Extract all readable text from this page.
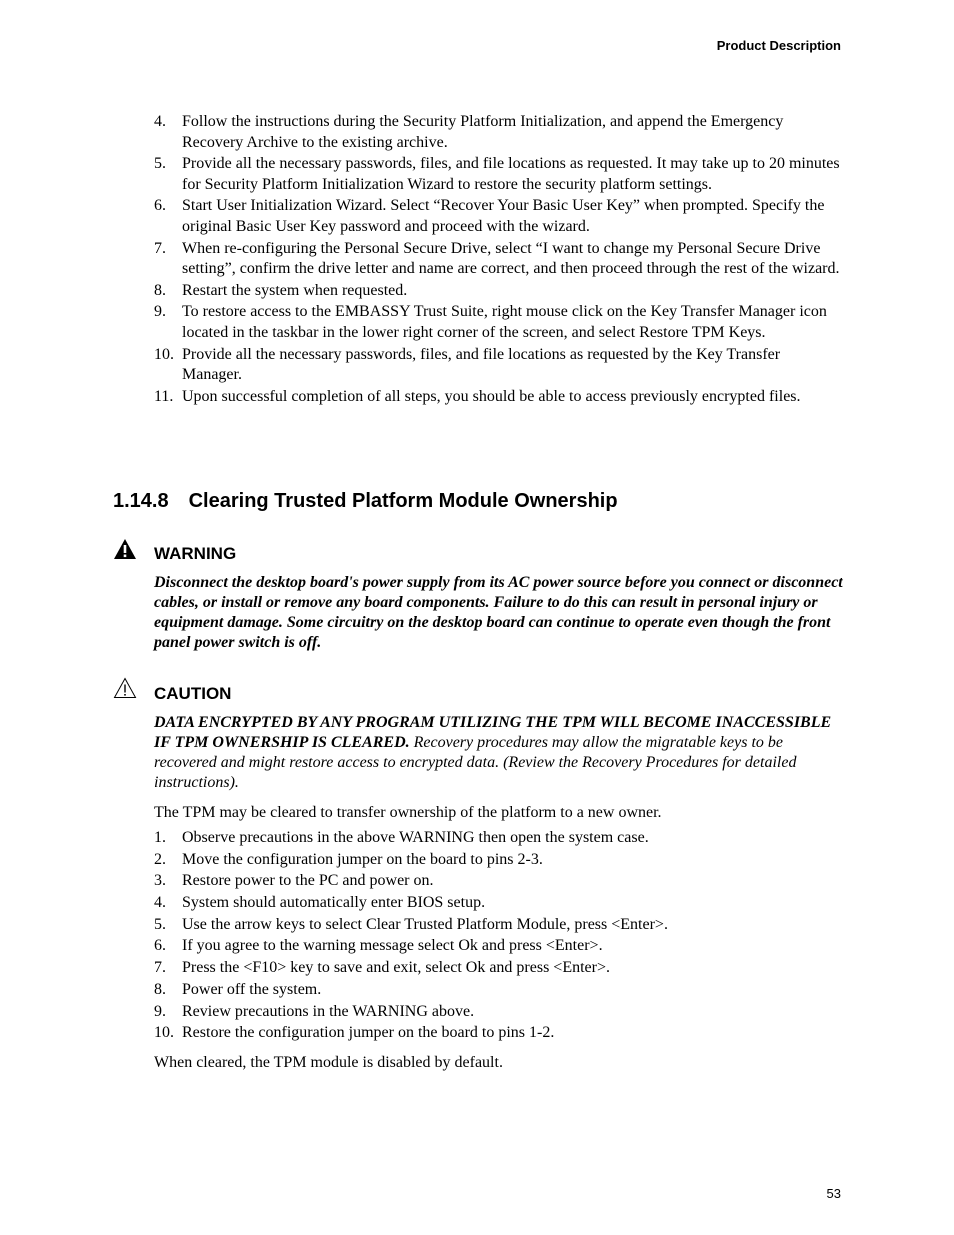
Product Description
4. Follow the instructions during the Security Platform Initialization, and append the Emergency Recovery Archive to the existing archive.
5. Provide all the necessary passwords, files, and file locations as requested. It may take up to 20 minutes for Security Platform Initialization Wizard to restore the security platform settings.
6. Start User Initialization Wizard. Select “Recover Your Basic User Key” when prompted. Specify the original Basic User Key password and proceed with the wizard.
7. When re-configuring the Personal Secure Drive, select “I want to change my Personal Secure Drive setting”, confirm the drive letter and name are correct, and then proceed through the rest of the wizard.
8. Restart the system when requested.
9. To restore access to the EMBASSY Trust Suite, right mouse click on the Key Transfer Manager icon located in the taskbar in the lower right corner of the screen, and select Restore TPM Keys.
10. Provide all the necessary passwords, files, and file locations as requested by the Key Transfer Manager.
11. Upon successful completion of all steps, you should be able to access previously encrypted files.
1.14.8 Clearing Trusted Platform Module Ownership
WARNING
Disconnect the desktop board's power supply from its AC power source before you connect or disconnect cables, or install or remove any board components. Failure to do this can result in personal injury or equipment damage. Some circuitry on the desktop board can continue to operate even though the front panel power switch is off.
CAUTION
DATA ENCRYPTED BY ANY PROGRAM UTILIZING THE TPM WILL BECOME INACCESSIBLE IF TPM OWNERSHIP IS CLEARED. Recovery procedures may allow the migratable keys to be recovered and might restore access to encrypted data. (Review the Recovery Procedures for detailed instructions).
The TPM may be cleared to transfer ownership of the platform to a new owner.
1. Observe precautions in the above WARNING then open the system case.
2. Move the configuration jumper on the board to pins 2-3.
3. Restore power to the PC and power on.
4. System should automatically enter BIOS setup.
5. Use the arrow keys to select Clear Trusted Platform Module, press <Enter>.
6. If you agree to the warning message select Ok and press <Enter>.
7. Press the <F10> key to save and exit, select Ok and press <Enter>.
8. Power off the system.
9. Review precautions in the WARNING above.
10. Restore the configuration jumper on the board to pins 1-2.
When cleared, the TPM module is disabled by default.
53
